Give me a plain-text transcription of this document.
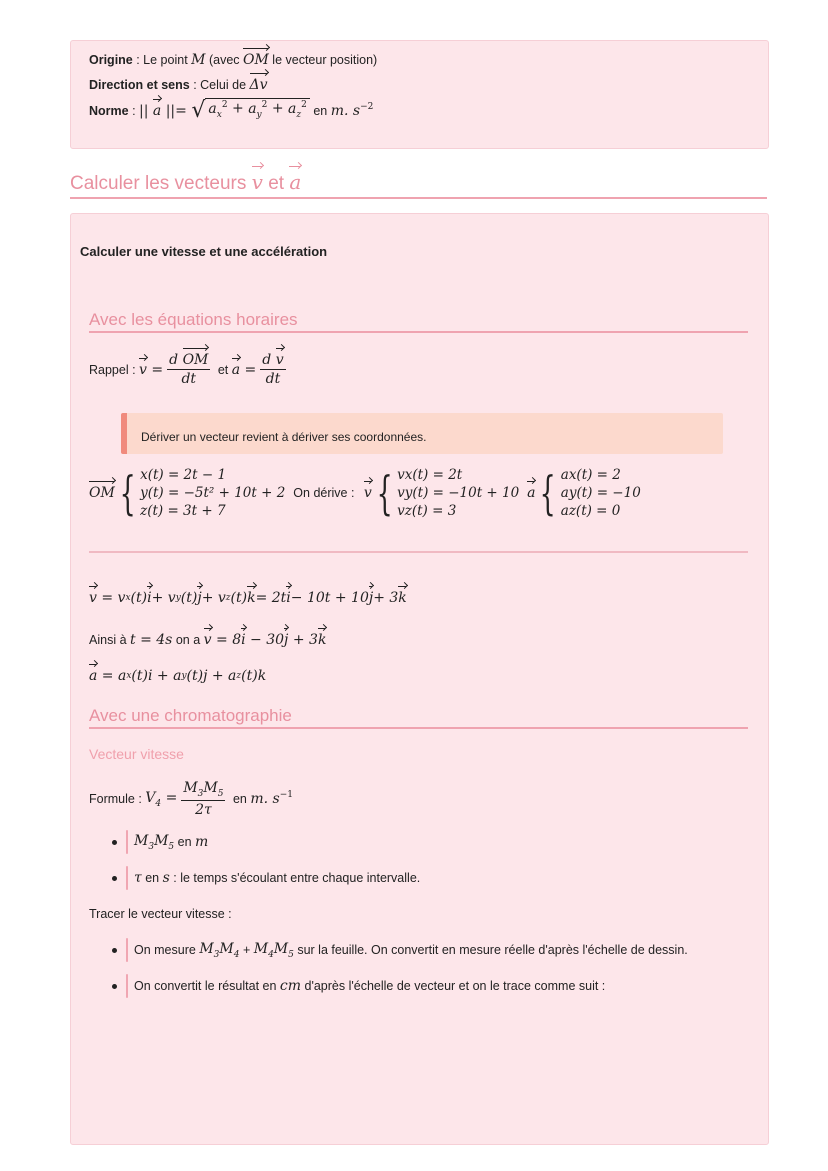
Origine : Le point M (avec OM le vecteur position)
Direction et sens : Celui de Δv
Norme : || a ||= √ $a_x^2 + a_y^2 + a_z^2$ en m. $s^{-2}$
Calculer les vecteurs v et a
Calculer une vitesse et une accélération
Avec les équations horaires
Rappel : $v = \frac{\text{d OM}}{dt}$ et $a = \frac{\text{d v}}{dt}$
Dériver un vecteur revient à dériver ses coordonnées.
OM { x(t) = 2t − 1
y(t) = −5t² + 10t + 2
z(t) = 3t + 7
On dérive : v { vx(t) = 2t
vy(t) = −10t + 10
vz(t) = 3
a { ax(t) = 2
ay(t) = −10
az(t) = 0
v = v x (t) i + v y (t) j + v z (t) k = 2t i − 10t + 10 j + 3 k
Ainsi à t = 4s on a v = 8i − 30j + 3k
a = a x (t)i + a y (t)j + a z (t)k
Avec une chromatographie
Vecteur vitesse
Formule : $V_4 = \frac{M_3M_5}{2\tau}$ en m. $s^{-1}$
$M_3M_5$ en m
τ en s : le temps s'écoulant entre chaque intervalle.
Tracer le vecteur vitesse :
On mesure $M_3M_4 + M_4M_5$ sur la feuille. On convertit en mesure réelle d'après l'échelle de dessin.
On convertit le résultat en cm d'après l'échelle de vecteur et on le trace comme suit :
